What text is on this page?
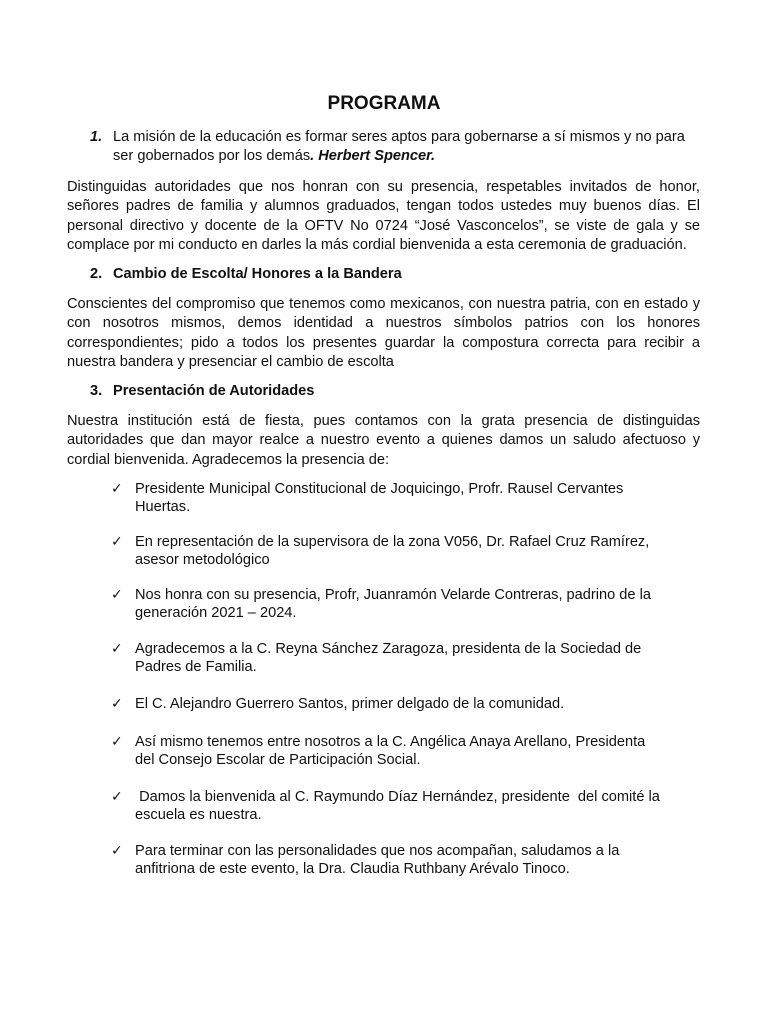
PROGRAMA
1. La misión de la educación es formar seres aptos para gobernarse a sí mismos y no para ser gobernados por los demás. Herbert Spencer.

Distinguidas autoridades que nos honran con su presencia, respetables invitados de honor, señores padres de familia y alumnos graduados, tengan todos ustedes muy buenos días. El personal directivo y docente de la OFTV No 0724 “José Vasconcelos”, se viste de gala y se complace por mi conducto en darles la más cordial bienvenida a esta ceremonia de graduación.

2. Cambio de Escolta/ Honores a la Bandera

Conscientes del compromiso que tenemos como mexicanos, con nuestra patria, con en estado y con nosotros mismos, demos identidad a nuestros símbolos patrios con los honores correspondientes; pido a todos los presentes guardar la compostura correcta para recibir a nuestra bandera y presenciar el cambio de escolta

3. Presentación de Autoridades

Nuestra institución está de fiesta, pues contamos con la grata presencia de distinguidas autoridades que dan mayor realce a nuestro evento a quienes damos un saludo afectuoso y cordial bienvenida. Agradecemos la presencia de:

✓ Presidente Municipal Constitucional de Joquicingo, Profr. Rausel Cervantes Huertas.
✓ En representación de la supervisora de la zona V056, Dr. Rafael Cruz Ramírez, asesor metodológico
✓ Nos honra con su presencia, Profr, Juanramón Velarde Contreras, padrino de la generación 2021 – 2024.
✓ Agradecemos a la C. Reyna Sánchez Zaragoza, presidenta de la Sociedad de Padres de Familia.
✓ El C. Alejandro Guerrero Santos, primer delgado de la comunidad.
✓ Así mismo tenemos entre nosotros a la C. Angélica Anaya Arellano, Presidenta del Consejo Escolar de Participación Social.
✓ Damos la bienvenida al C. Raymundo Díaz Hernández, presidente  del comité la escuela es nuestra.
✓ Para terminar con las personalidades que nos acompañan, saludamos a la anfitriona de este evento, la Dra. Claudia Ruthbany Arévalo Tinoco.
